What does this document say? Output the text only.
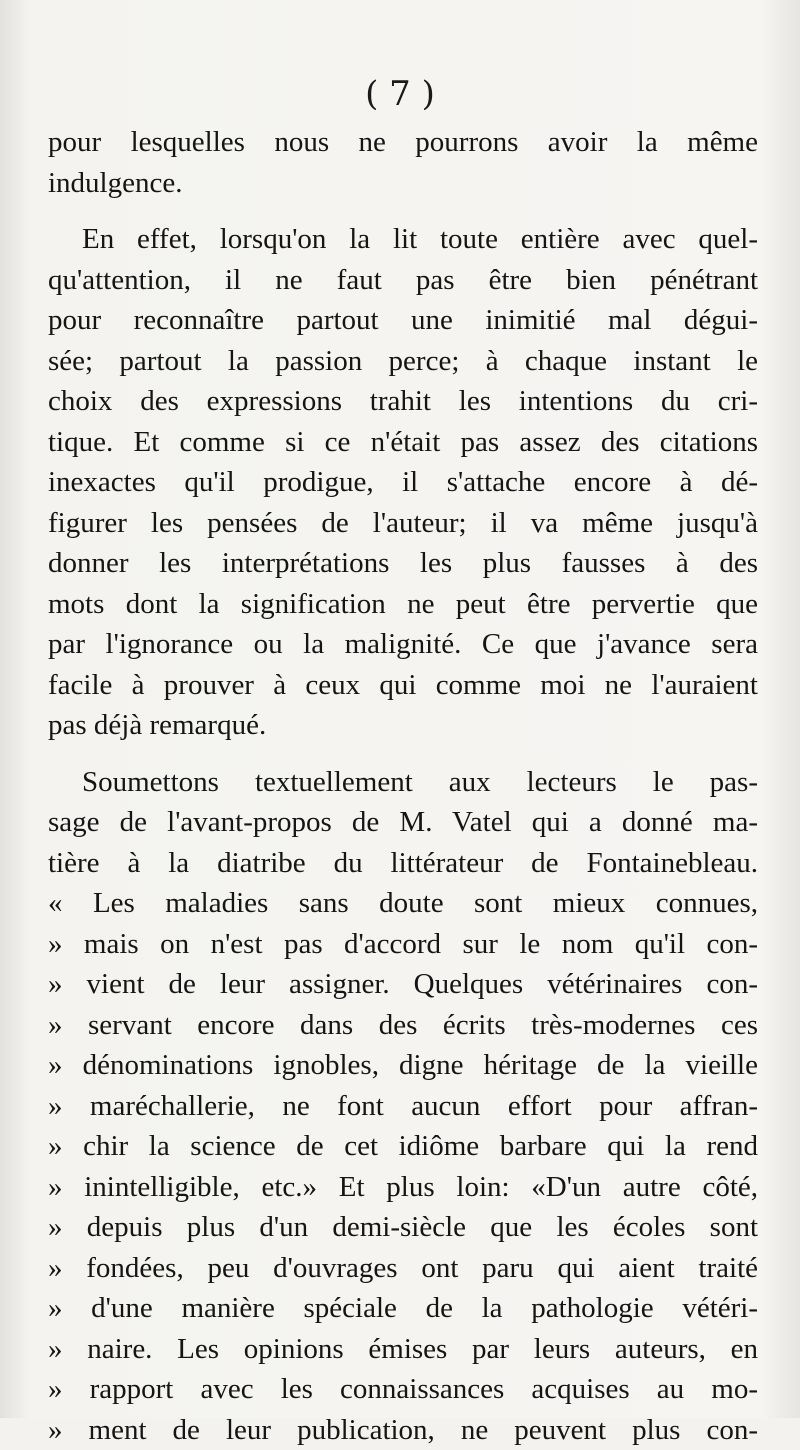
( 7 )
pour lesquelles nous ne pourrons avoir la même
indulgence.
En effet, lorsqu'on la lit toute entière avec quel-
qu'attention, il ne faut pas être bien pénétrant
pour reconnaître partout une inimitié mal dégui-
sée; partout la passion perce; à chaque instant le
choix des expressions trahit les intentions du cri-
tique. Et comme si ce n'était pas assez des citations
inexactes qu'il prodigue, il s'attache encore à dé-
figurer les pensées de l'auteur; il va même jusqu'à
donner les interprétations les plus fausses à des
mots dont la signification ne peut être pervertie que
par l'ignorance ou la malignité. Ce que j'avance sera
facile à prouver à ceux qui comme moi ne l'auraient
pas déjà remarqué.
Soumettons textuellement aux lecteurs le pas-
sage de l'avant-propos de M. Vatel qui a donné ma-
tière à la diatribe du littérateur de Fontainebleau.
« Les maladies sans doute sont mieux connues,
» mais on n'est pas d'accord sur le nom qu'il con-
» vient de leur assigner. Quelques vétérinaires con-
» servant encore dans des écrits très-modernes ces
» dénominations ignobles, digne héritage de la vieille
» maréchallerie, ne font aucun effort pour affran-
» chir la science de cet idiôme barbare qui la rend
» inintelligible, etc.» Et plus loin: «D'un autre côté,
» depuis plus d'un demi-siècle que les écoles sont
» fondées, peu d'ouvrages ont paru qui aient traité
» d'une manière spéciale de la pathologie vétéri-
» naire. Les opinions émises par leurs auteurs, en
» rapport avec les connaissances acquises au mo-
» ment de leur publication, ne peuvent plus con-
